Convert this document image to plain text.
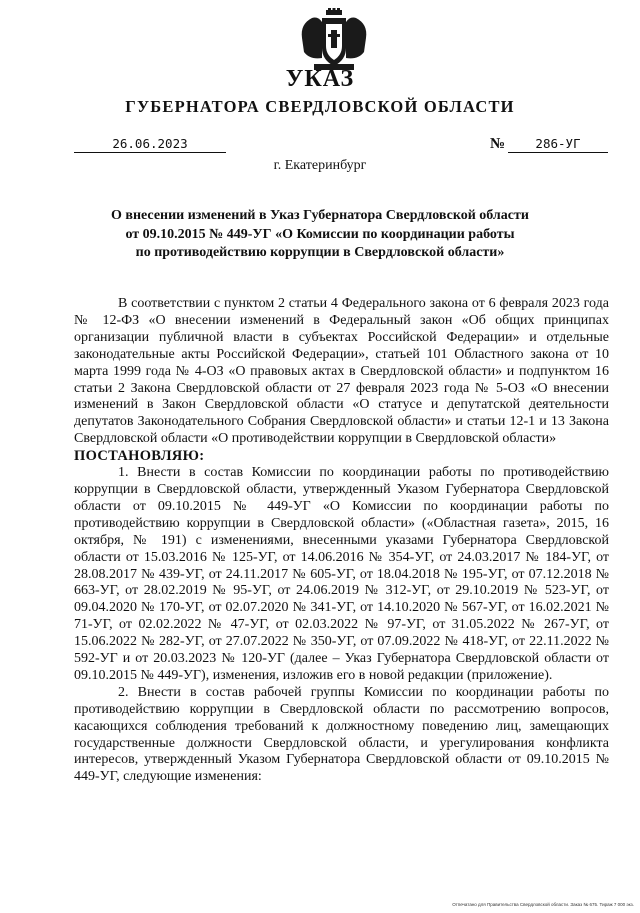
УКАЗ
ГУБЕРНАТОРА СВЕРДЛОВСКОЙ ОБЛАСТИ
26.06.2023	№	286-УГ
г. Екатеринбург
О внесении изменений в Указ Губернатора Свердловской области
от 09.10.2015 № 449-УГ «О Комиссии по координации работы
по противодействию коррупции в Свердловской области»

В соответствии с пунктом 2 статьи 4 Федерального закона от 6 февраля 2023 года № 12-ФЗ «О внесении изменений в Федеральный закон «Об общих принципах организации публичной власти в субъектах Российской Федерации» и отдельные законодательные акты Российской Федерации», статьей 101 Областного закона от 10 марта 1999 года № 4-ОЗ «О правовых актах в Свердловской области» и подпунктом 16 статьи 2 Закона Свердловской области от 27 февраля 2023 года № 5-ОЗ «О внесении изменений в Закон Свердловской области «О статусе и депутатской деятельности депутатов Законодательного Собрания Свердловской области» и статьи 12-1 и 13 Закона Свердловской области «О противодействии коррупции в Свердловской области»

ПОСТАНОВЛЯЮ:

1. Внести в состав Комиссии по координации работы по противодействию коррупции в Свердловской области, утвержденный Указом Губернатора Свердловской области от 09.10.2015 № 449-УГ «О Комиссии по координации работы по противодействию коррупции в Свердловской области» («Областная газета», 2015, 16 октября, № 191) с изменениями, внесенными указами Губернатора Свердловской области от 15.03.2016 № 125-УГ, от 14.06.2016 № 354-УГ, от 24.03.2017 № 184-УГ, от 28.08.2017 № 439-УГ, от 24.11.2017 № 605-УГ, от 18.04.2018 № 195-УГ, от 07.12.2018 № 663-УГ, от 28.02.2019 № 95-УГ, от 24.06.2019 № 312-УГ, от 29.10.2019 № 523-УГ, от 09.04.2020 № 170-УГ, от 02.07.2020 № 341-УГ, от 14.10.2020 № 567-УГ, от 16.02.2021 № 71-УГ, от 02.02.2022 № 47-УГ, от 02.03.2022 № 97-УГ, от 31.05.2022 № 267-УГ, от 15.06.2022 № 282-УГ, от 27.07.2022 № 350-УГ, от 07.09.2022 № 418-УГ, от 22.11.2022 № 592-УГ и от 20.03.2023 № 120-УГ (далее – Указ Губернатора Свердловской области от 09.10.2015 № 449-УГ), изменения, изложив его в новой редакции (приложение).

2. Внести в состав рабочей группы Комиссии по координации работы по противодействию коррупции в Свердловской области по рассмотрению вопросов, касающихся соблюдения требований к должностному поведению лиц, замещающих государственные должности Свердловской области, и урегулирования конфликта интересов, утвержденный Указом Губернатора Свердловской области от 09.10.2015 № 449-УГ, следующие изменения:

Отпечатано для Правительства Свердловской области. Заказ № 675. Тираж 7 000 экз.
